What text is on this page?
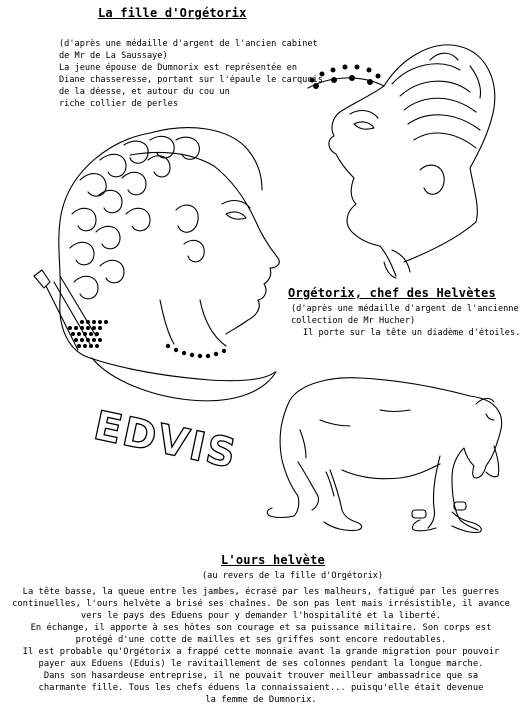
EDVIS
La fille d'Orgétorix
(d'après une médaille d'argent de l'ancien cabinet
de Mr de La Saussaye)
La jeune épouse de Dumnorix est représentée en
Diane chasseresse, portant sur l'épaule le carquois
de la déesse, et autour du cou un
riche collier de perles
Orgétorix, chef des Helvètes
(d'après une médaille d'argent de l'ancienne
collection de Mr Hucher)
Il porte sur la tête un diadème d'étoiles.
L'ours helvète
(au revers de la fille d'Orgétorix)
La tête basse, la queue entre les jambes, écrasé par les malheurs, fatigué par les guerres
continuelles, l'ours helvète a brisé ses chaînes. De son pas lent mais irrésistible, il avance
vers le pays des Eduens pour y demander l'hospitalité et la liberté.
En échange, il apporte à ses hôtes son courage et sa puissance militaire. Son corps est
protégé d'une cotte de mailles et ses griffes sont encore redoutables.
Il est probable qu'Orgétorix a frappé cette monnaie avant la grande migration pour pouvoir
payer aux Eduens (Eduis) le ravitaillement de ses colonnes pendant la longue marche.
Dans son hasardeuse entreprise, il ne pouvait trouver meilleur ambassadrice que sa
charmante fille. Tous les chefs éduens la connaissaient... puisqu'elle était devenue
la femme de Dumnorix.
